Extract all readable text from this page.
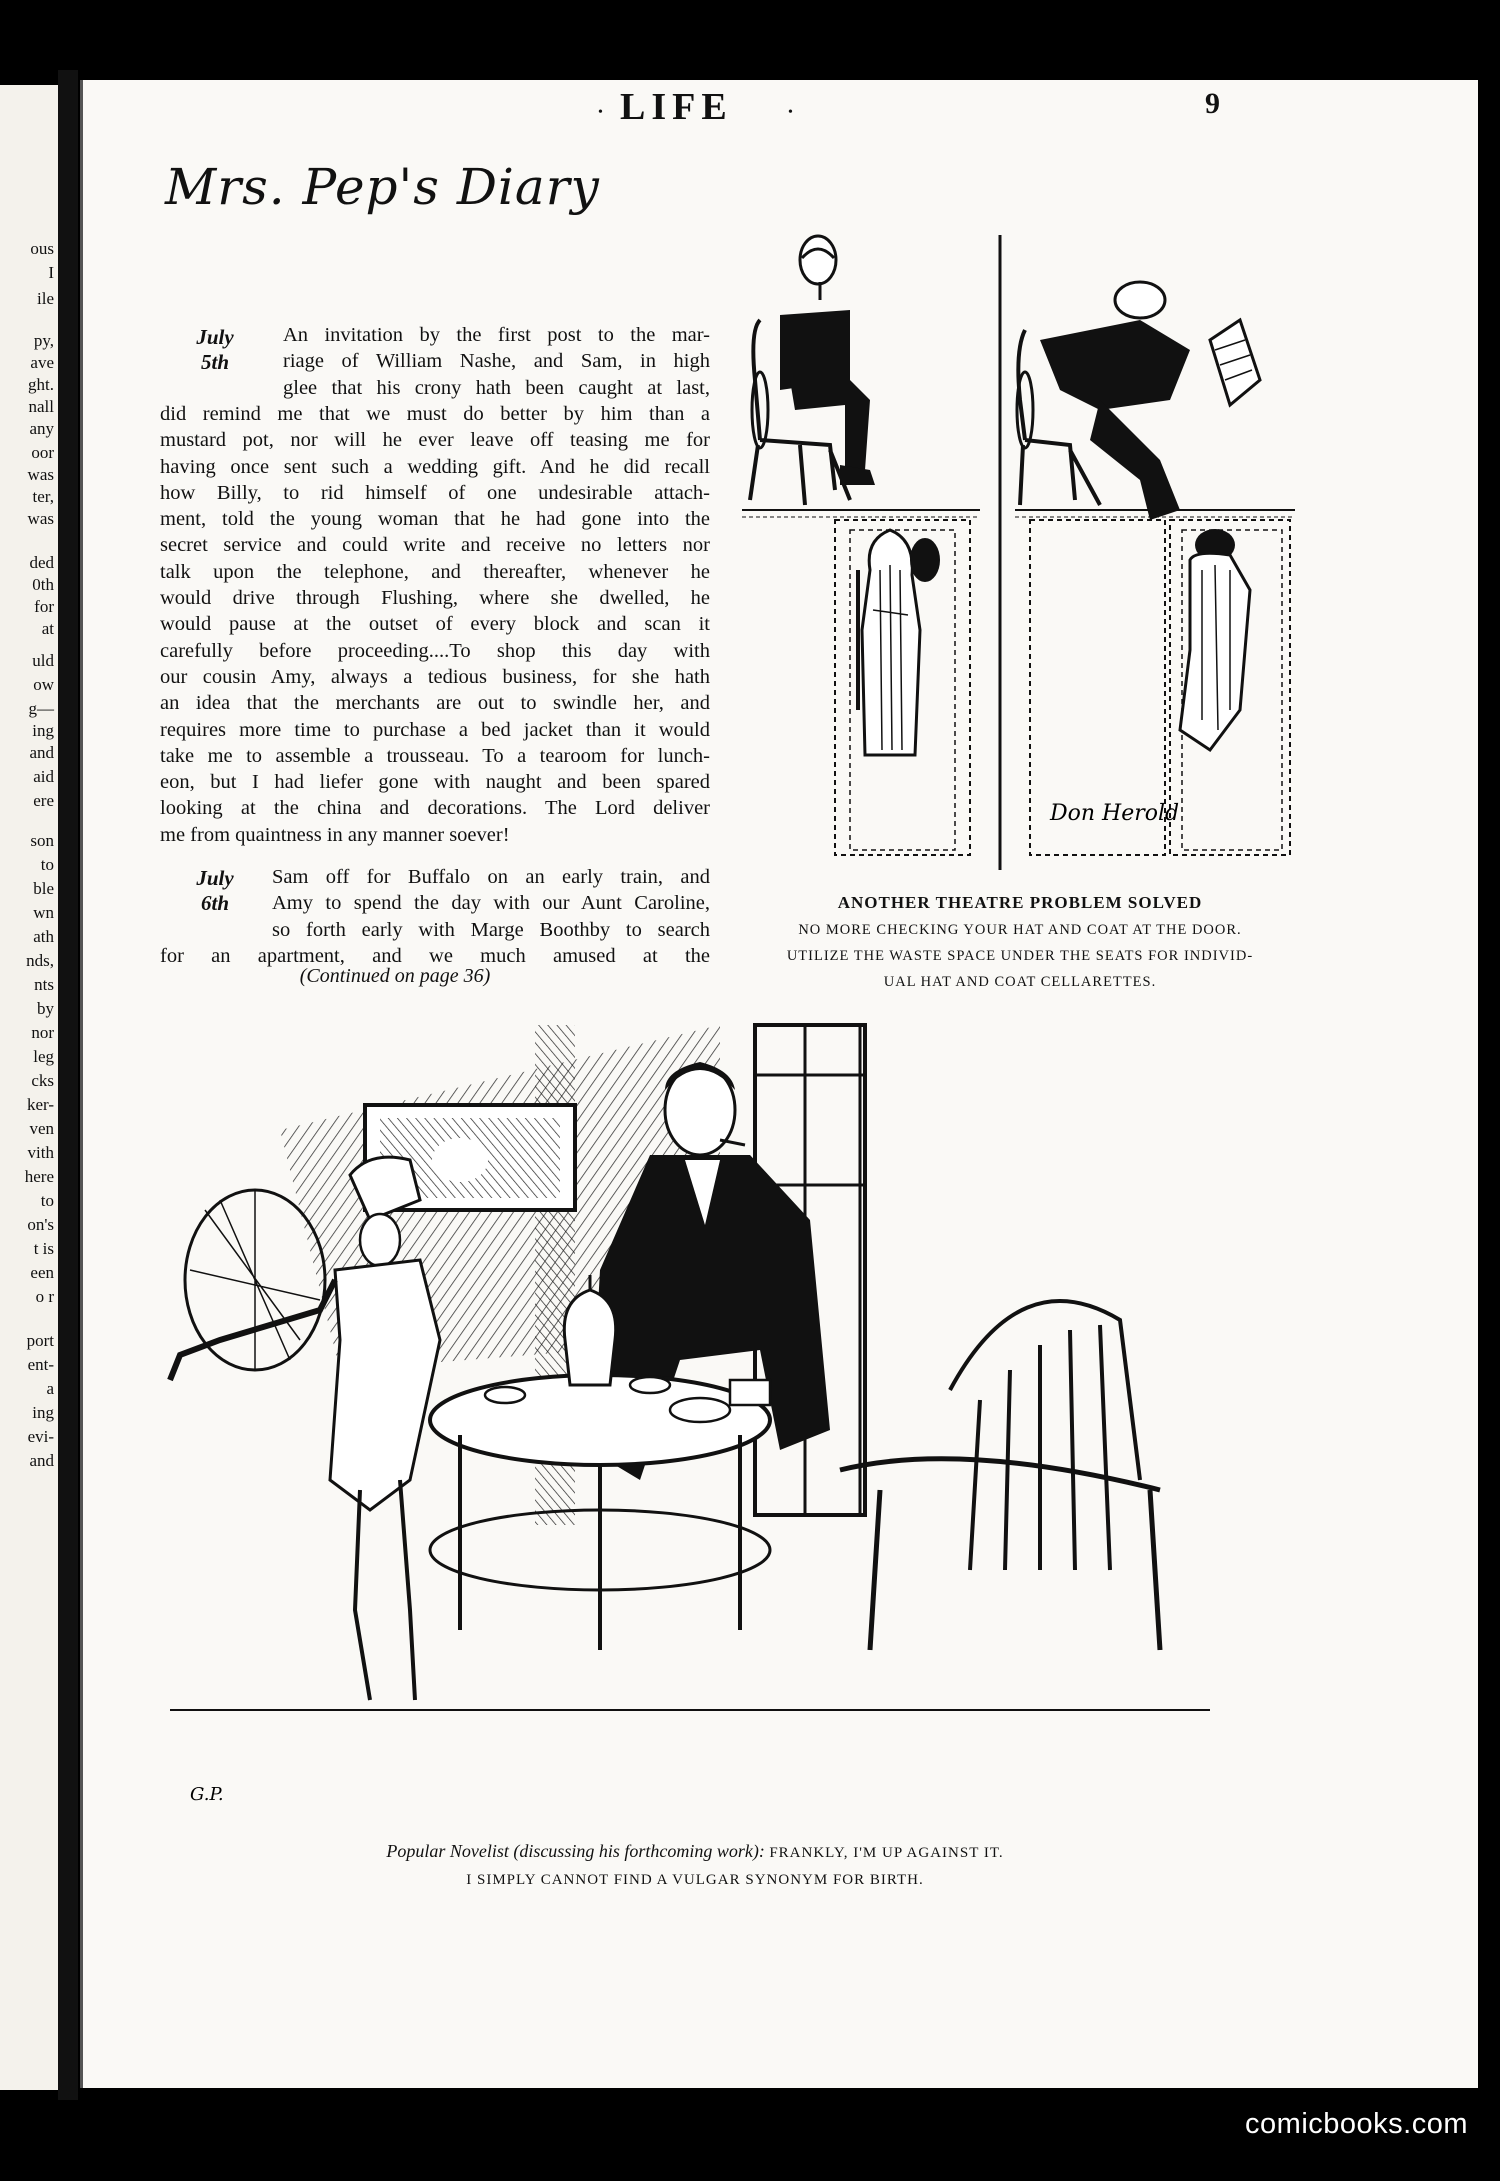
ous
I
ile
py,
ave
ght.
nall
any
oor
was
ter,
was
ded
0th
for
at
uld
ow
g—
ing
and
aid
ere
son
to
ble
wn
ath
nds,
nts
by
nor
leg
cks
ker-
ven
vith
here
to
on's
t is
een
o r
port
ent-
a
ing
evi-
and
• LIFE	•	9
Mrs. Pep's Diary
July
5th
An invitation by the first post to the mar-
riage of William Nashe, and Sam, in high
glee that his crony hath been caught at last,
did remind me that we must do better by him than a
mustard pot, nor will he ever leave off teasing me for
having once sent such a wedding gift. And he did recall
how Billy, to rid himself of one undesirable attach-
ment, told the young woman that he had gone into the
secret service and could write and receive no letters nor
talk upon the telephone, and thereafter, whenever he
would drive through Flushing, where she dwelled, he
would pause at the outset of every block and scan it
carefully before proceeding....To shop this day with
our cousin Amy, always a tedious business, for she hath
an idea that the merchants are out to swindle her, and
requires more time to purchase a bed jacket than it would
take me to assemble a trousseau. To a tearoom for lunch-
eon, but I had liefer gone with naught and been spared
looking at the china and decorations. The Lord deliver
me from quaintness in any manner soever!
July
6th
Sam off for Buffalo on an early train, and
Amy to spend the day with our Aunt Caroline,
so forth early with Marge Boothby to search
for an apartment, and we much amused at the
(Continued on page 36)
Don Herold
ANOTHER THEATRE PROBLEM SOLVED
NO MORE CHECKING YOUR HAT AND COAT AT THE DOOR.
UTILIZE THE WASTE SPACE UNDER THE SEATS FOR INDIVID-
UAL HAT AND COAT CELLARETTES.
G.P.
Popular Novelist (discussing his forthcoming work): FRANKLY, I'M UP AGAINST IT.
I SIMPLY CANNOT FIND A VULGAR SYNONYM FOR BIRTH.
comicbooks.com
